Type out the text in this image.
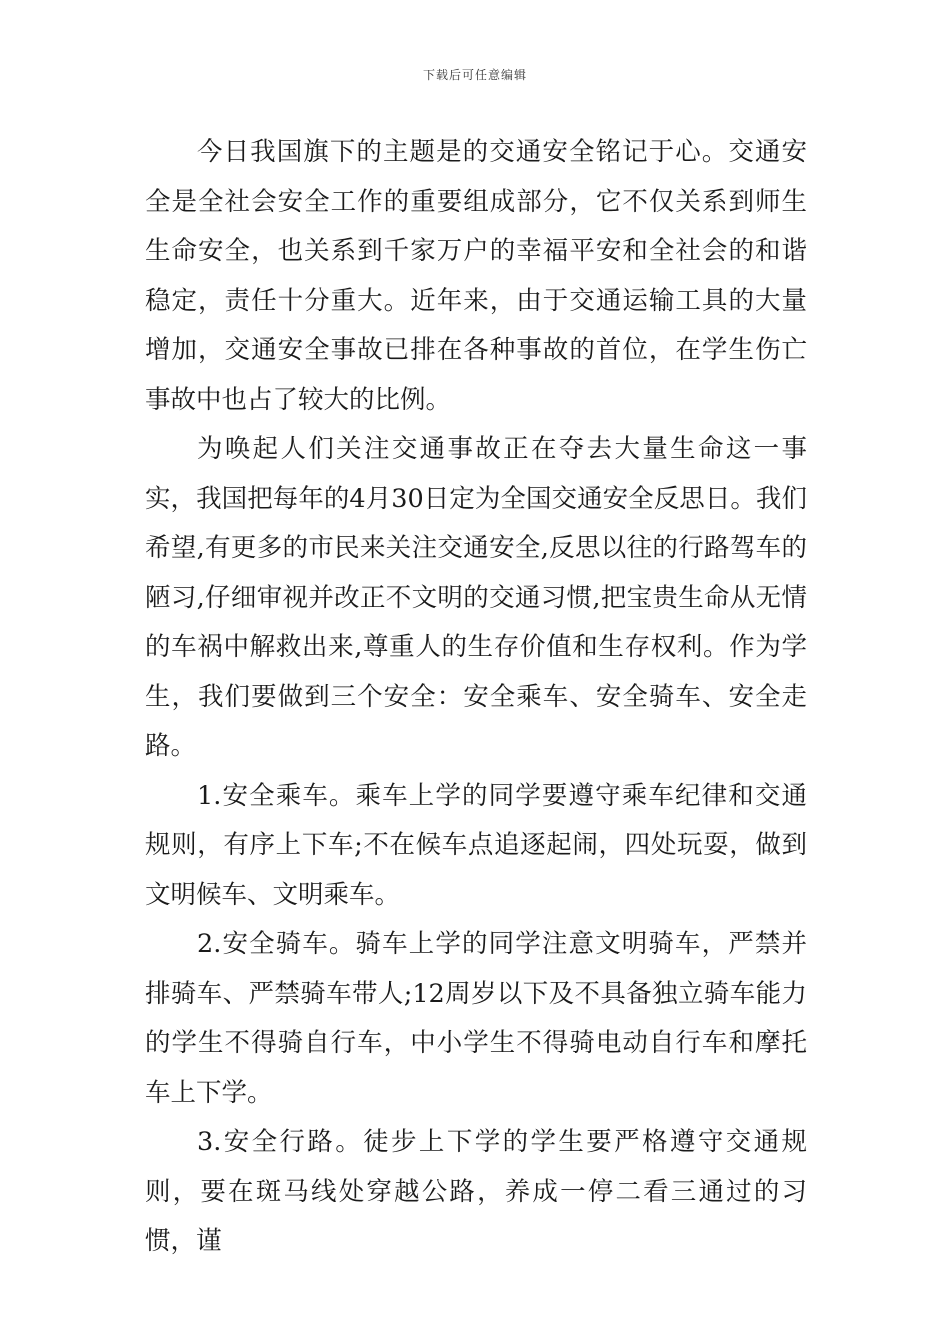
下载后可任意编辑

今日我国旗下的主题是的交通安全铭记于心。交通安全是全社会安全工作的重要组成部分，它不仅关系到师生生命安全，也关系到千家万户的幸福平安和全社会的和谐稳定，责任十分重大。近年来，由于交通运输工具的大量增加，交通安全事故已排在各种事故的首位，在学生伤亡事故中也占了较大的比例。

为唤起人们关注交通事故正在夺去大量生命这一事实，我国把每年的4月30日定为全国交通安全反思日。我们希望,有更多的市民来关注交通安全,反思以往的行路驾车的陋习,仔细审视并改正不文明的交通习惯,把宝贵生命从无情的车祸中解救出来,尊重人的生存价值和生存权利。作为学生，我们要做到三个安全：安全乘车、安全骑车、安全走路。

1.安全乘车。乘车上学的同学要遵守乘车纪律和交通规则，有序上下车;不在候车点追逐起闹，四处玩耍，做到文明候车、文明乘车。

2.安全骑车。骑车上学的同学注意文明骑车，严禁并排骑车、严禁骑车带人;12周岁以下及不具备独立骑车能力的学生不得骑自行车，中小学生不得骑电动自行车和摩托车上下学。

3.安全行路。徒步上下学的学生要严格遵守交通规则，要在斑马线处穿越公路，养成一停二看三通过的习惯，谨
